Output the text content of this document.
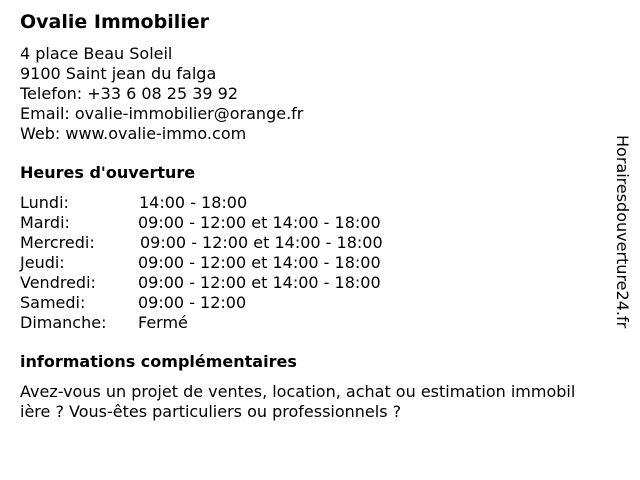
Ovalie Immobilier
4 place Beau Soleil
9100 Saint jean du falga
Telefon: +33 6 08 25 39 92
Email: ovalie-immobilier@orange.fr
Web: www.ovalie-immo.com
Heures d'ouverture
Lundi:	14:00 - 18:00
Mardi:	09:00 - 12:00 et 14:00 - 18:00
Mercredi:	09:00 - 12:00 et 14:00 - 18:00
Jeudi:	09:00 - 12:00 et 14:00 - 18:00
Vendredi:	09:00 - 12:00 et 14:00 - 18:00
Samedi:	09:00 - 12:00
Dimanche: Fermé
informations complémentaires
Avez-vous un projet de ventes, location, achat ou estimation immobil
ière ? Vous-êtes particuliers ou professionnels ?
Horairesdouverture24.fr
